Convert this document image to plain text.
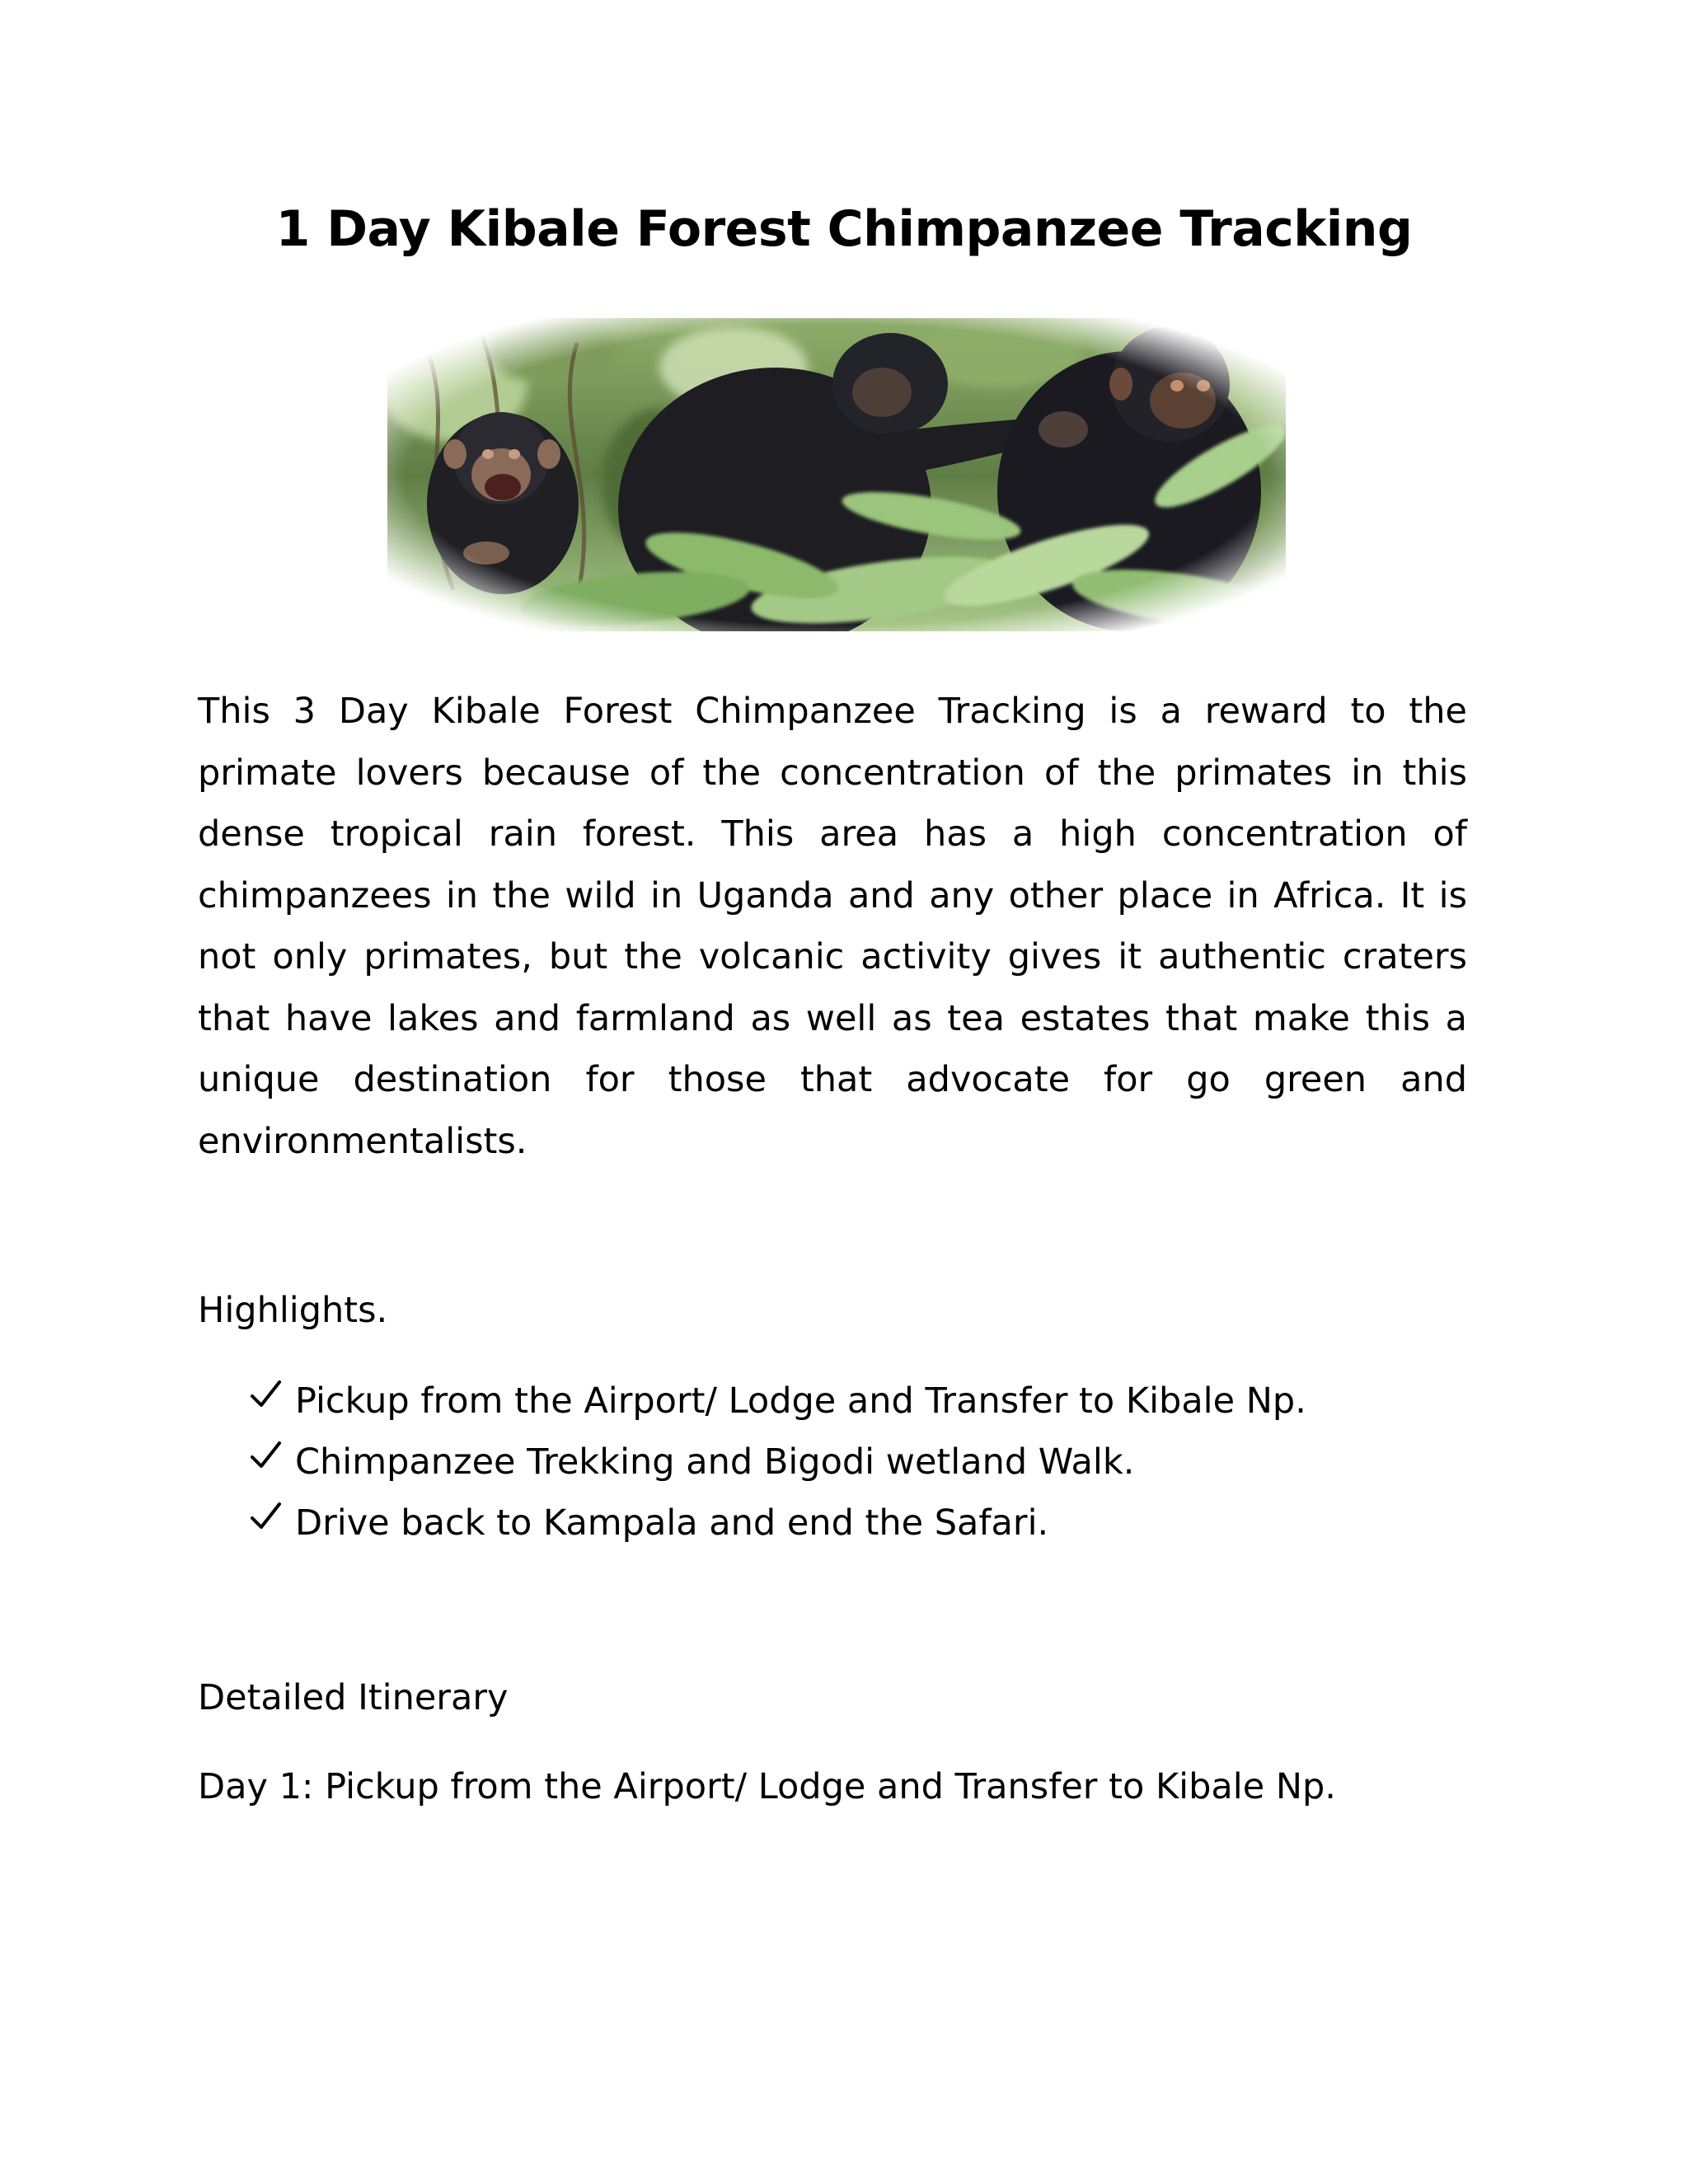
1 Day Kibale Forest Chimpanzee Tracking

This 3 Day Kibale Forest Chimpanzee Tracking is a reward to the primate lovers because of the concentration of the primates in this dense tropical rain forest. This area has a high concentration of chimpanzees in the wild in Uganda and any other place in Africa. It is not only primates, but the volcanic activity gives it authentic craters that have lakes and farmland as well as tea estates that make this a unique destination for those that advocate for go green and environmentalists.

Highlights.
Pickup from the Airport/ Lodge and Transfer to Kibale Np.
Chimpanzee Trekking and Bigodi wetland Walk.
Drive back to Kampala and end the Safari.
Detailed Itinerary

Day 1: Pickup from the Airport/ Lodge and Transfer to Kibale Np.
